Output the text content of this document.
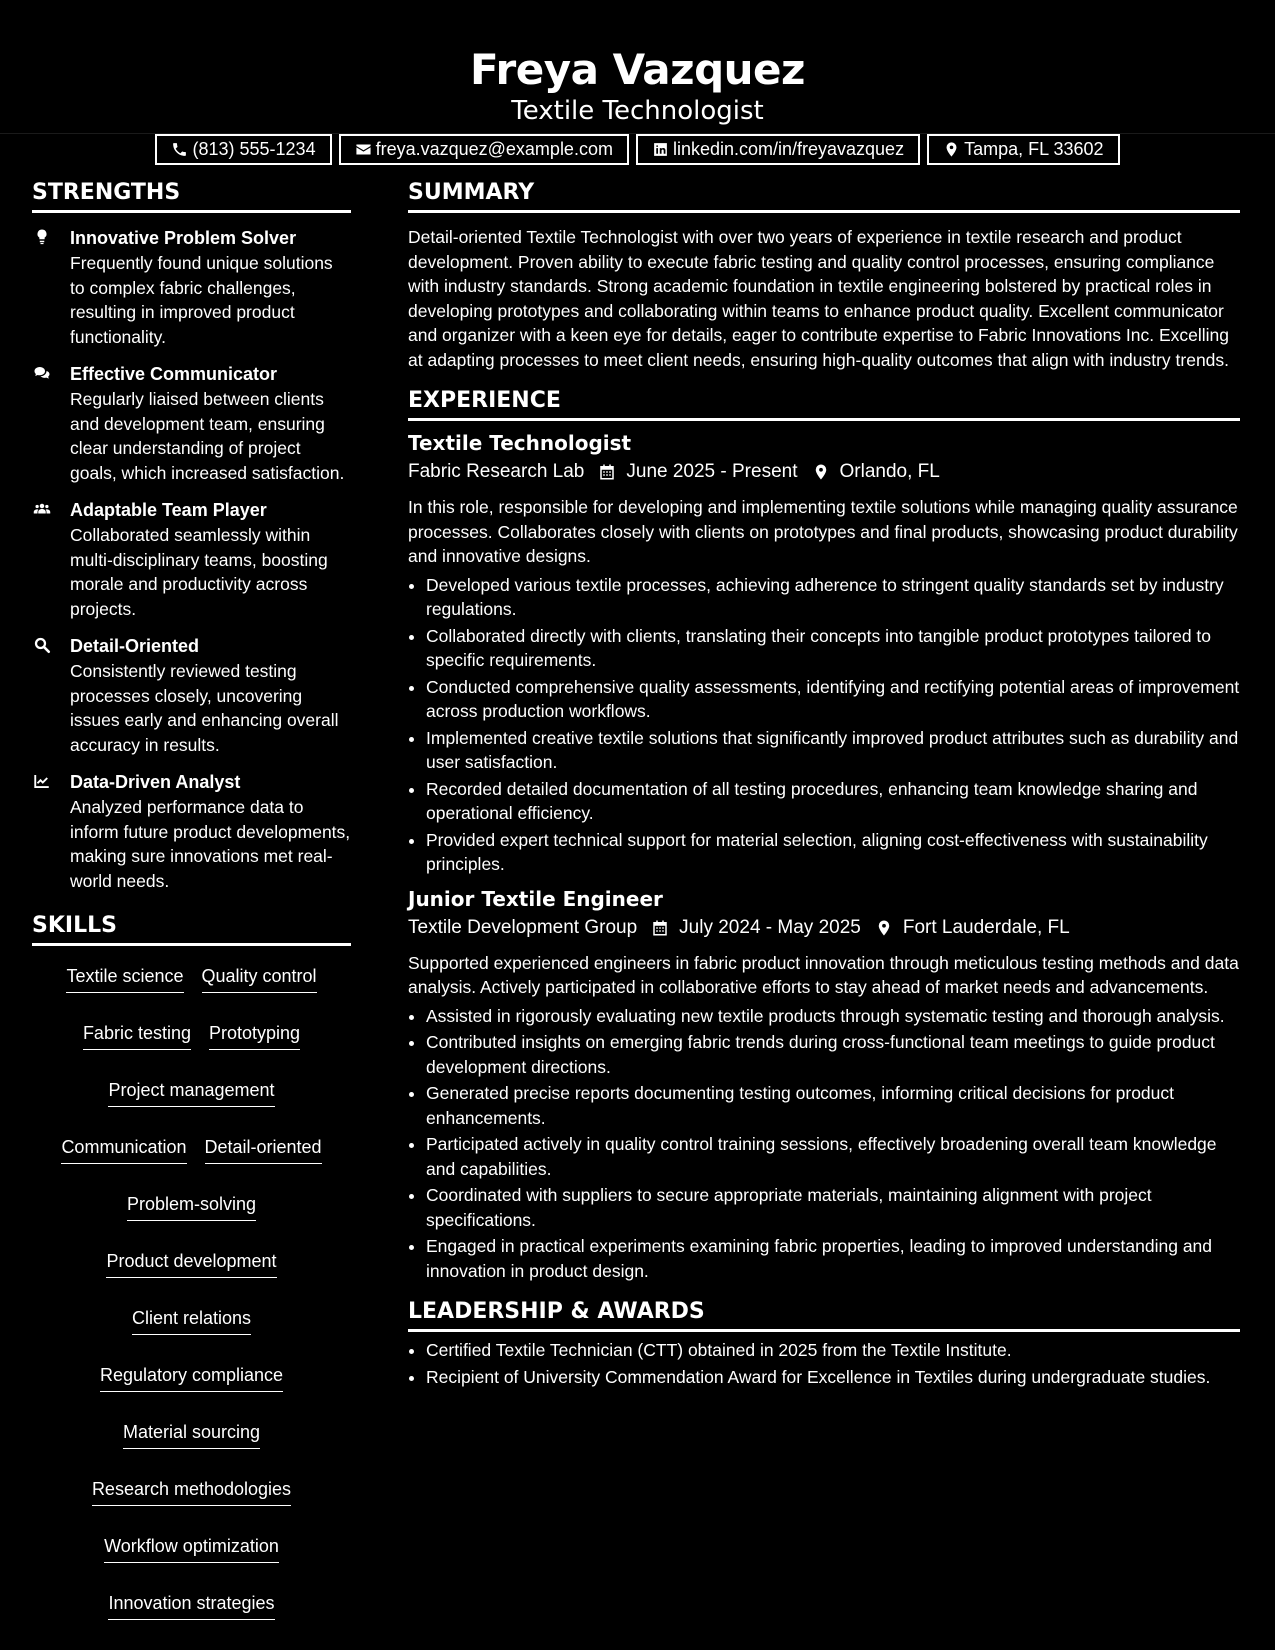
Freya Vazquez
Textile Technologist
(813) 555-1234	freya.vazquez@example.com	linkedin.com/in/freyavazquez	Tampa, FL 33602
STRENGTHS
Innovative Problem Solver
Frequently found unique solutions to complex fabric challenges, resulting in improved product functionality.
Effective Communicator
Regularly liaised between clients and development team, ensuring clear understanding of project goals, which increased satisfaction.
Adaptable Team Player
Collaborated seamlessly within multi-disciplinary teams, boosting morale and productivity across projects.
Detail-Oriented
Consistently reviewed testing processes closely, uncovering issues early and enhancing overall accuracy in results.
Data-Driven Analyst
Analyzed performance data to inform future product developments, making sure innovations met real-world needs.
SKILLS
Textile science Quality control
Fabric testing Prototyping
Project management
Communication Detail-oriented
Problem-solving
Product development
Client relations
Regulatory compliance
Material sourcing
Research methodologies
Workflow optimization
Innovation strategies
SUMMARY
Detail-oriented Textile Technologist with over two years of experience in textile research and product development. Proven ability to execute fabric testing and quality control processes, ensuring compliance with industry standards. Strong academic foundation in textile engineering bolstered by practical roles in developing prototypes and collaborating within teams to enhance product quality. Excellent communicator and organizer with a keen eye for details, eager to contribute expertise to Fabric Innovations Inc. Excelling at adapting processes to meet client needs, ensuring high-quality outcomes that align with industry trends.
EXPERIENCE
Textile Technologist
Fabric Research Lab June 2025 - Present Orlando, FL
In this role, responsible for developing and implementing textile solutions while managing quality assurance processes. Collaborates closely with clients on prototypes and final products, showcasing product durability and innovative designs.
• Developed various textile processes, achieving adherence to stringent quality standards set by industry regulations.
• Collaborated directly with clients, translating their concepts into tangible product prototypes tailored to specific requirements.
• Conducted comprehensive quality assessments, identifying and rectifying potential areas of improvement across production workflows.
• Implemented creative textile solutions that significantly improved product attributes such as durability and user satisfaction.
• Recorded detailed documentation of all testing procedures, enhancing team knowledge sharing and operational efficiency.
• Provided expert technical support for material selection, aligning cost-effectiveness with sustainability principles.
Junior Textile Engineer
Textile Development Group July 2024 - May 2025 Fort Lauderdale, FL
Supported experienced engineers in fabric product innovation through meticulous testing methods and data analysis. Actively participated in collaborative efforts to stay ahead of market needs and advancements.
• Assisted in rigorously evaluating new textile products through systematic testing and thorough analysis.
• Contributed insights on emerging fabric trends during cross-functional team meetings to guide product development directions.
• Generated precise reports documenting testing outcomes, informing critical decisions for product enhancements.
• Participated actively in quality control training sessions, effectively broadening overall team knowledge and capabilities.
• Coordinated with suppliers to secure appropriate materials, maintaining alignment with project specifications.
• Engaged in practical experiments examining fabric properties, leading to improved understanding and innovation in product design.
LEADERSHIP & AWARDS
• Certified Textile Technician (CTT) obtained in 2025 from the Textile Institute.
• Recipient of University Commendation Award for Excellence in Textiles during undergraduate studies.
